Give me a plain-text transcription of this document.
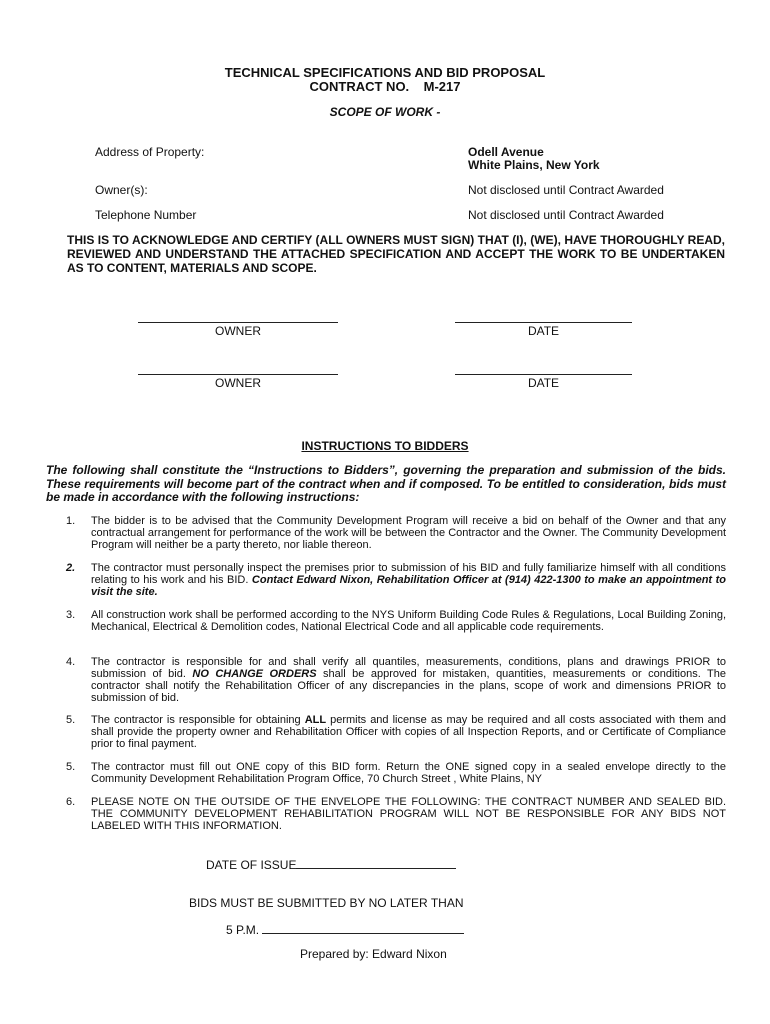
TECHNICAL SPECIFICATIONS AND BID PROPOSAL
CONTRACT NO.    M-217
SCOPE OF WORK -
Address of Property:	Odell Avenue
White Plains, New York
Owner(s):	Not disclosed until Contract Awarded
Telephone Number	Not disclosed until Contract Awarded
THIS IS TO ACKNOWLEDGE AND CERTIFY (ALL OWNERS MUST SIGN) THAT (I), (WE), HAVE THOROUGHLY READ, REVIEWED AND UNDERSTAND THE ATTACHED SPECIFICATION AND ACCEPT THE WORK TO BE UNDERTAKEN AS TO CONTENT, MATERIALS AND SCOPE.
OWNER	DATE
OWNER	DATE
INSTRUCTIONS TO BIDDERS
The following shall constitute the “Instructions to Bidders”, governing the preparation and submission of the bids. These requirements will become part of the contract when and if composed. To be entitled to consideration, bids must be made in accordance with the following instructions:
1.	The bidder is to be advised that the Community Development Program will receive a bid on behalf of the Owner and that any contractual arrangement for performance of the work will be between the Contractor and the Owner. The Community Development Program will neither be a party thereto, nor liable thereon.
2.	The contractor must personally inspect the premises prior to submission of his BID and fully familiarize himself with all conditions relating to his work and his BID. Contact Edward Nixon, Rehabilitation Officer at (914) 422-1300 to make an appointment to visit the site.
3.	All construction work shall be performed according to the NYS Uniform Building Code Rules & Regulations, Local Building Zoning, Mechanical, Electrical & Demolition codes, National Electrical Code and all applicable code requirements.
4.	The contractor is responsible for and shall verify all quantiles, measurements, conditions, plans and drawings PRIOR to submission of bid. NO CHANGE ORDERS shall be approved for mistaken, quantities, measurements or conditions. The contractor shall notify the Rehabilitation Officer of any discrepancies in the plans, scope of work and dimensions PRIOR to submission of bid.
5.	The contractor is responsible for obtaining ALL permits and license as may be required and all costs associated with them and shall provide the property owner and Rehabilitation Officer with copies of all Inspection Reports, and or Certificate of Compliance prior to final payment.
5.	The contractor must fill out ONE copy of this BID form. Return the ONE signed copy in a sealed envelope directly to the Community Development Rehabilitation Program Office, 70 Church Street , White Plains, NY
6.	PLEASE NOTE ON THE OUTSIDE OF THE ENVELOPE THE FOLLOWING: THE CONTRACT NUMBER AND SEALED BID. THE COMMUNITY DEVELOPMENT REHABILITATION PROGRAM WILL NOT BE RESPONSIBLE FOR ANY BIDS NOT LABELED WITH THIS INFORMATION.
DATE OF ISSUE
BIDS MUST BE SUBMITTED BY NO LATER THAN
5 P.M.
Prepared by: Edward Nixon
